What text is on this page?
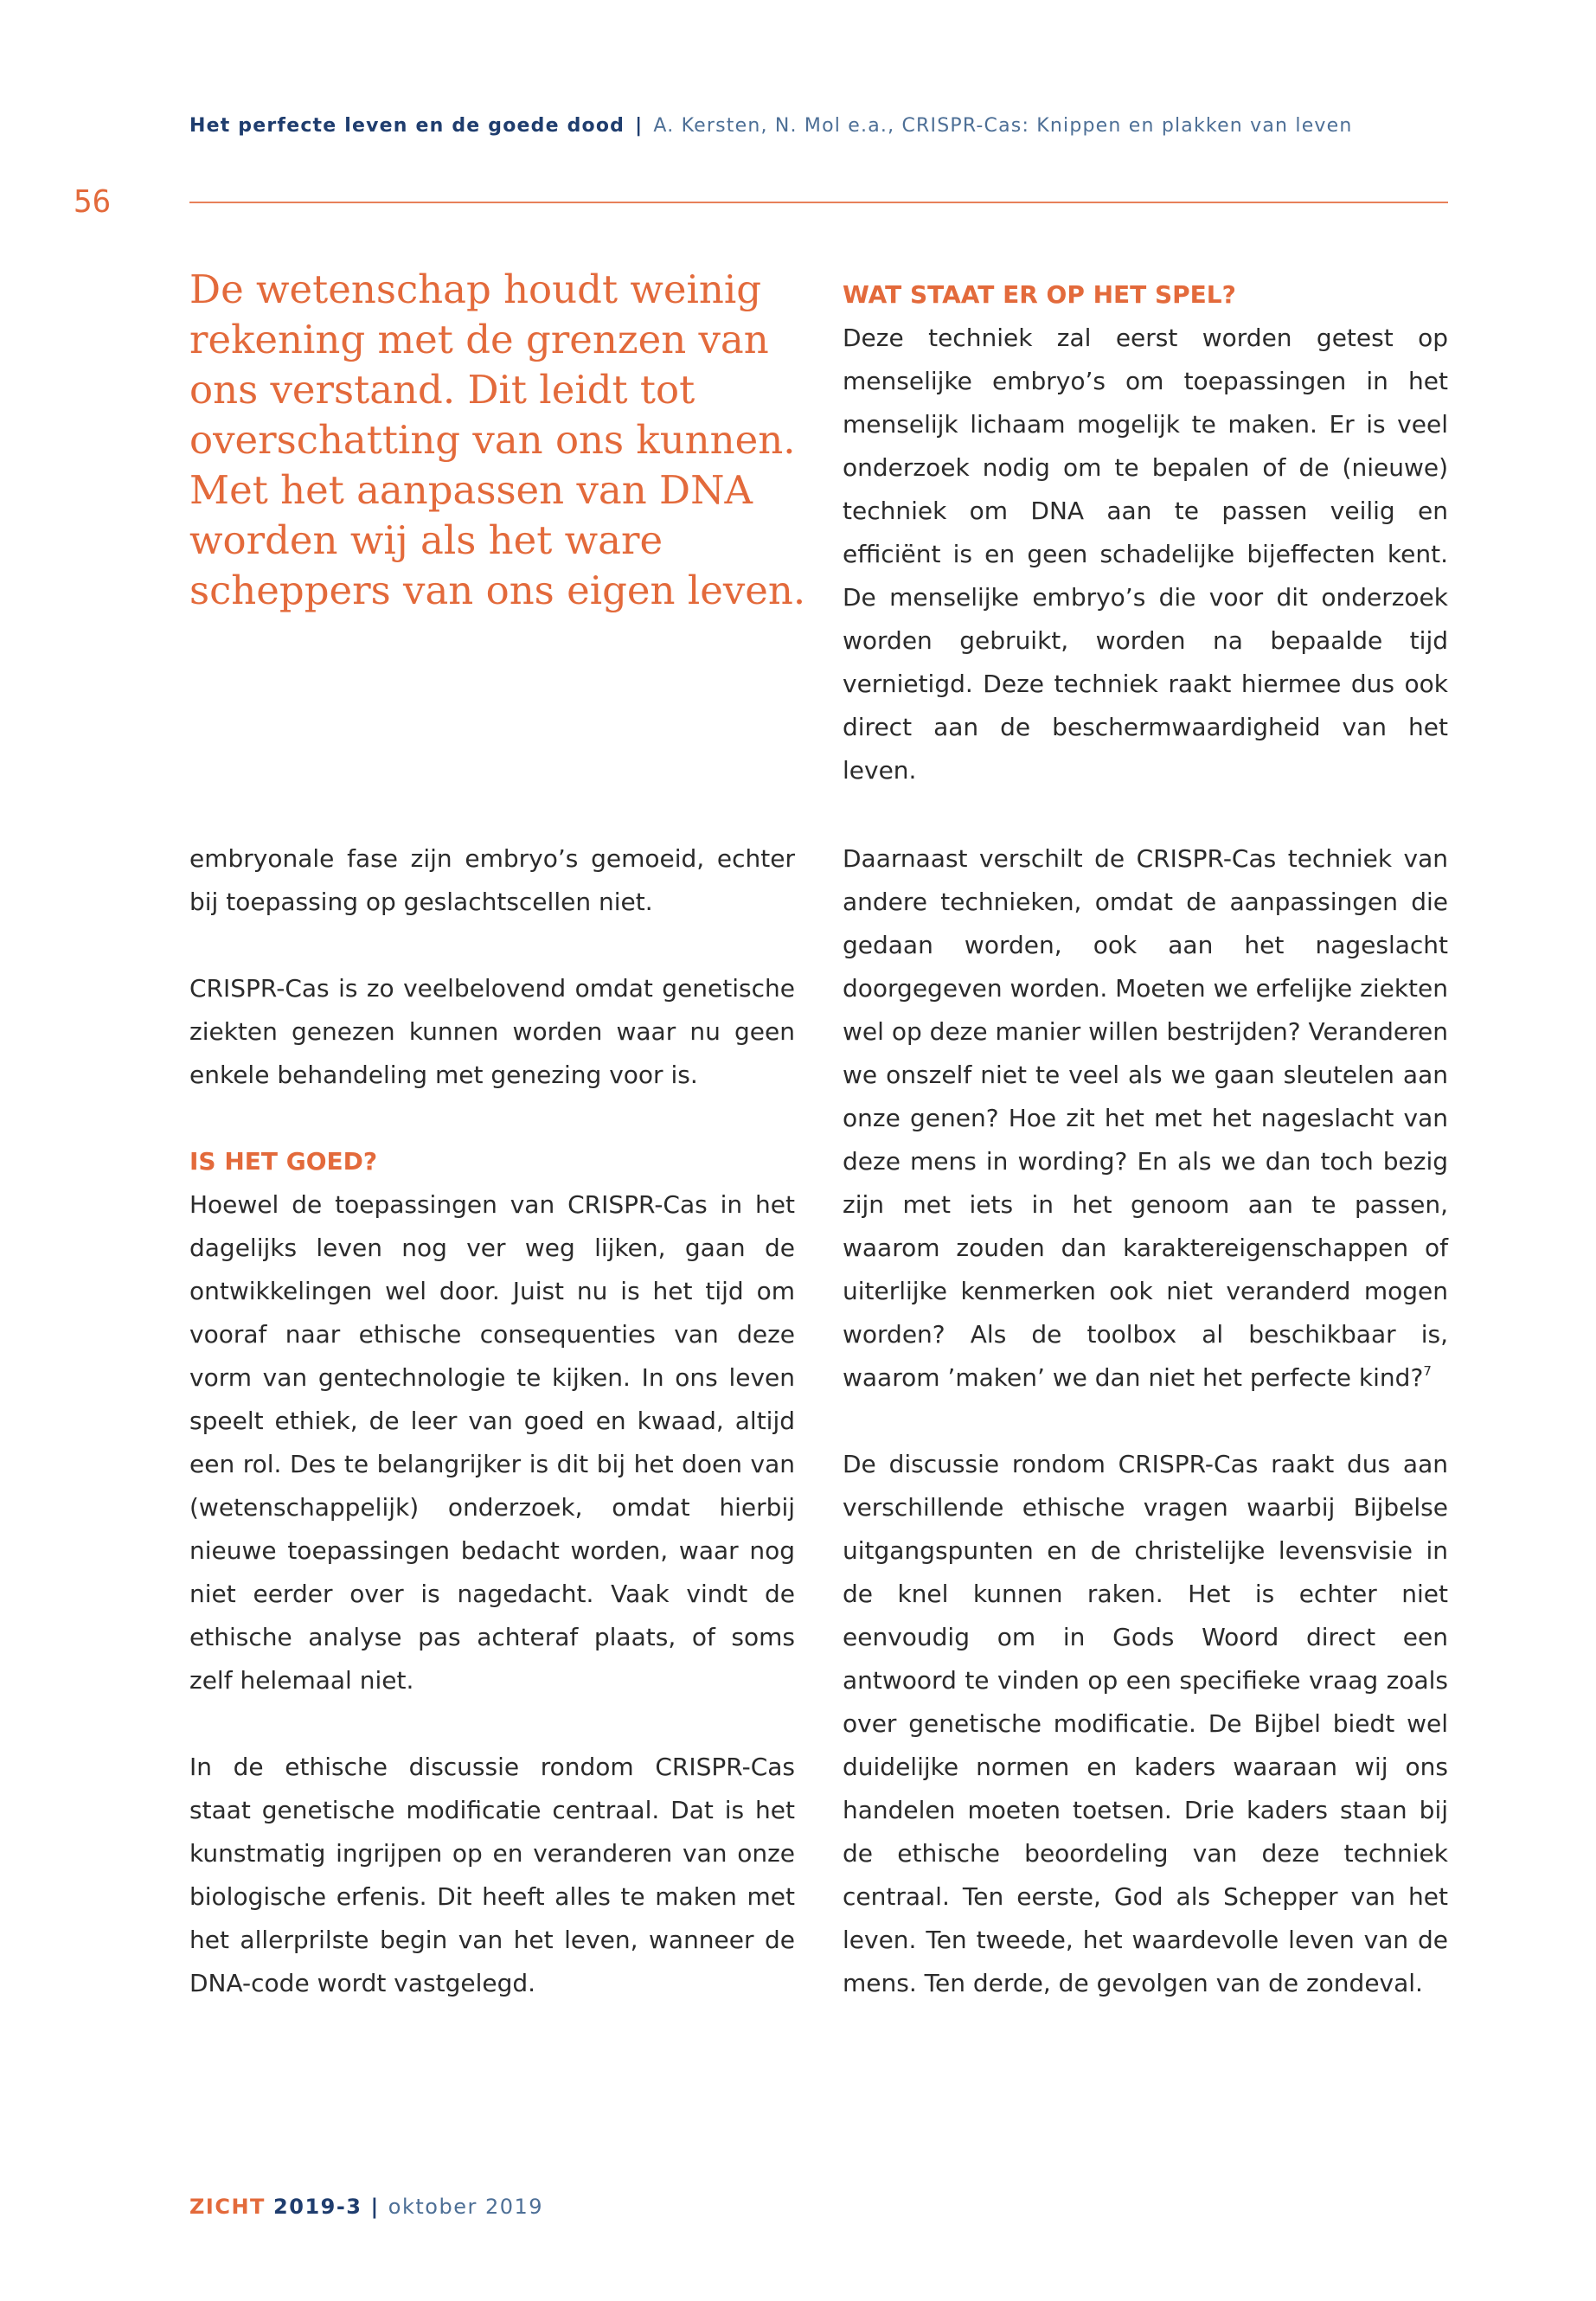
Het perfecte leven en de goede dood | A. Kersten, N. Mol e.a., CRISPR-Cas: Knippen en plakken van leven
56
De wetenschap houdt weinig rekening met de grenzen van ons verstand. Dit leidt tot overschatting van ons kunnen. Met het aanpassen van DNA worden wij als het ware scheppers van ons eigen leven.
WAT STAAT ER OP HET SPEL?

Deze techniek zal eerst worden getest op menselijke embryo’s om toepassingen in het menselijk lichaam mogelijk te maken. Er is veel onderzoek nodig om te bepalen of de (nieuwe) techniek om DNA aan te passen veilig en efficiënt is en geen schadelijke bijeffecten kent. De menselijke embryo’s die voor dit onderzoek worden gebruikt, worden na bepaalde tijd vernietigd. Deze techniek raakt hiermee dus ook direct aan de beschermwaardigheid van het leven.

embryonale fase zijn embryo’s gemoeid, echter bij toepassing op geslachtscellen niet.

CRISPR-Cas is zo veelbelovend omdat genetische ziekten genezen kunnen worden waar nu geen enkele behandeling met genezing voor is.

IS HET GOED?

Hoewel de toepassingen van CRISPR-Cas in het dagelijks leven nog ver weg lijken, gaan de ontwikkelingen wel door. Juist nu is het tijd om vooraf naar ethische consequenties van deze vorm van gentechnologie te kijken. In ons leven speelt ethiek, de leer van goed en kwaad, altijd een rol. Des te belangrijker is dit bij het doen van (wetenschappelijk) onderzoek, omdat hierbij nieuwe toepassingen bedacht worden, waar nog niet eerder over is nagedacht. Vaak vindt de ethische analyse pas achteraf plaats, of soms zelf helemaal niet.

In de ethische discussie rondom CRISPR-Cas staat genetische modificatie centraal. Dat is het kunstmatig ingrijpen op en veranderen van onze biologische erfenis. Dit heeft alles te maken met het allerprilste begin van het leven, wanneer de DNA-code wordt vastgelegd.

Daarnaast verschilt de CRISPR-Cas techniek van andere technieken, omdat de aanpassingen die gedaan worden, ook aan het nageslacht doorgegeven worden. Moeten we erfelijke ziekten wel op deze manier willen bestrijden? Veranderen we onszelf niet te veel als we gaan sleutelen aan onze genen? Hoe zit het met het nageslacht van deze mens in wording? En als we dan toch bezig zijn met iets in het genoom aan te passen, waarom zouden dan karaktereigenschappen of uiterlijke kenmerken ook niet veranderd mogen worden? Als de toolbox al beschikbaar is, waarom ’maken’ we dan niet het perfecte kind?$^7$

De discussie rondom CRISPR-Cas raakt dus aan verschillende ethische vragen waarbij Bijbelse uitgangspunten en de christelijke levensvisie in de knel kunnen raken. Het is echter niet eenvoudig om in Gods Woord direct een antwoord te vinden op een specifieke vraag zoals over genetische modificatie. De Bijbel biedt wel duidelijke normen en kaders waaraan wij ons handelen moeten toetsen. Drie kaders staan bij de ethische beoordeling van deze techniek centraal. Ten eerste, God als Schepper van het leven. Ten tweede, het waardevolle leven van de mens. Ten derde, de gevolgen van de zondeval.

ZICHT 2019-3 | oktober 2019
